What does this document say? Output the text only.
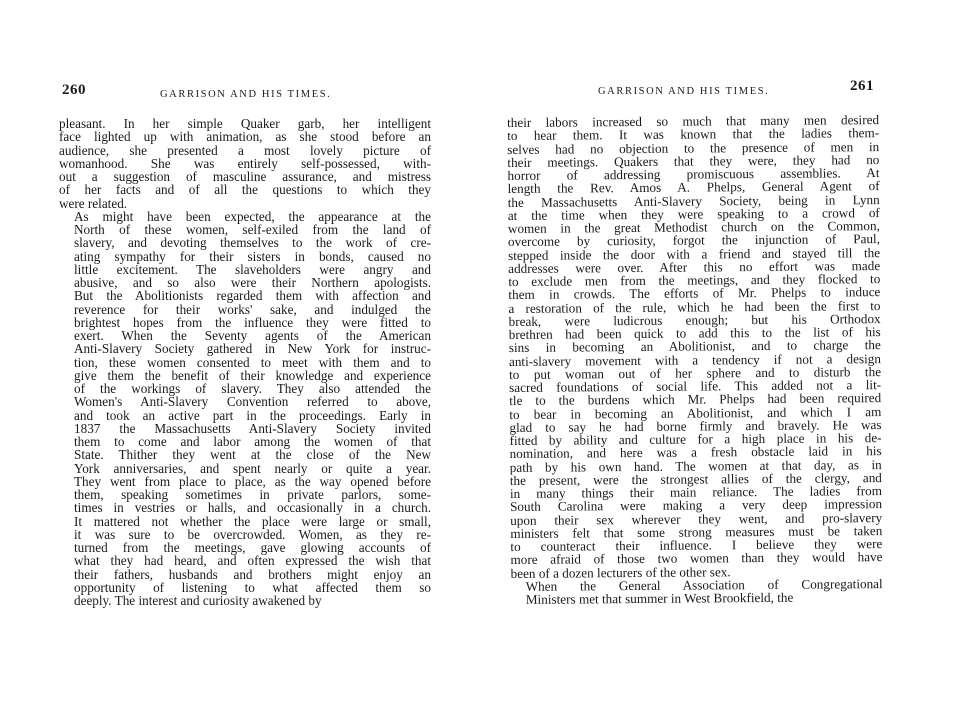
260	GARRISON AND HIS TIMES.

pleasant. In her simple Quaker garb, her intelligent
face lighted up with animation, as she stood before an
audience, she presented a most lovely picture of
womanhood. She was entirely self-possessed, with-
out a suggestion of masculine assurance, and mistress
of her facts and of all the questions to which they
were related.

As might have been expected, the appearance at the
North of these women, self-exiled from the land of
slavery, and devoting themselves to the work of cre-
ating sympathy for their sisters in bonds, caused no
little excitement. The slaveholders were angry and
abusive, and so also were their Northern apologists.
But the Abolitionists regarded them with affection and
reverence for their works' sake, and indulged the
brightest hopes from the influence they were fitted to
exert. When the Seventy agents of the American
Anti-Slavery Society gathered in New York for instruc-
tion, these women consented to meet with them and to
give them the benefit of their knowledge and experience
of the workings of slavery. They also attended the
Women's Anti-Slavery Convention referred to above,
and took an active part in the proceedings. Early in
1837 the Massachusetts Anti-Slavery Society invited
them to come and labor among the women of that
State. Thither they went at the close of the New
York anniversaries, and spent nearly or quite a year.
They went from place to place, as the way opened before
them, speaking sometimes in private parlors, some-
times in vestries or halls, and occasionally in a church.
It mattered not whether the place were large or small,
it was sure to be overcrowded. Women, as they re-
turned from the meetings, gave glowing accounts of
what they had heard, and often expressed the wish that
their fathers, husbands and brothers might enjoy an
opportunity of listening to what affected them so
deeply. The interest and curiosity awakened by

261
GARRISON AND HIS TIMES.

their labors increased so much that many men desired
to hear them. It was known that the ladies them-
selves had no objection to the presence of men in
their meetings. Quakers that they were, they had no
horror of addressing promiscuous assemblies. At
length the Rev. Amos A. Phelps, General Agent of
the Massachusetts Anti-Slavery Society, being in Lynn
at the time when they were speaking to a crowd of
women in the great Methodist church on the Common,
overcome by curiosity, forgot the injunction of Paul,
stepped inside the door with a friend and stayed till the
addresses were over. After this no effort was made
to exclude men from the meetings, and they flocked to
them in crowds. The efforts of Mr. Phelps to induce
a restoration of the rule, which he had been the first to
break, were ludicrous enough; but his Orthodox
brethren had been quick to add this to the list of his
sins in becoming an Abolitionist, and to charge the
anti-slavery movement with a tendency if not a design
to put woman out of her sphere and to disturb the
sacred foundations of social life. This added not a lit-
tle to the burdens which Mr. Phelps had been required
to bear in becoming an Abolitionist, and which I am
glad to say he had borne firmly and bravely. He was
fitted by ability and culture for a high place in his de-
nomination, and here was a fresh obstacle laid in his
path by his own hand. The women at that day, as in
the present, were the strongest allies of the clergy, and
in many things their main reliance. The ladies from
South Carolina were making a very deep impression
upon their sex wherever they went, and pro-slavery
ministers felt that some strong measures must be taken
to counteract their influence. I believe they were
more afraid of those two women than they would have
been of a dozen lecturers of the other sex.

When the General Association of Congregational
Ministers met that summer in West Brookfield, the
